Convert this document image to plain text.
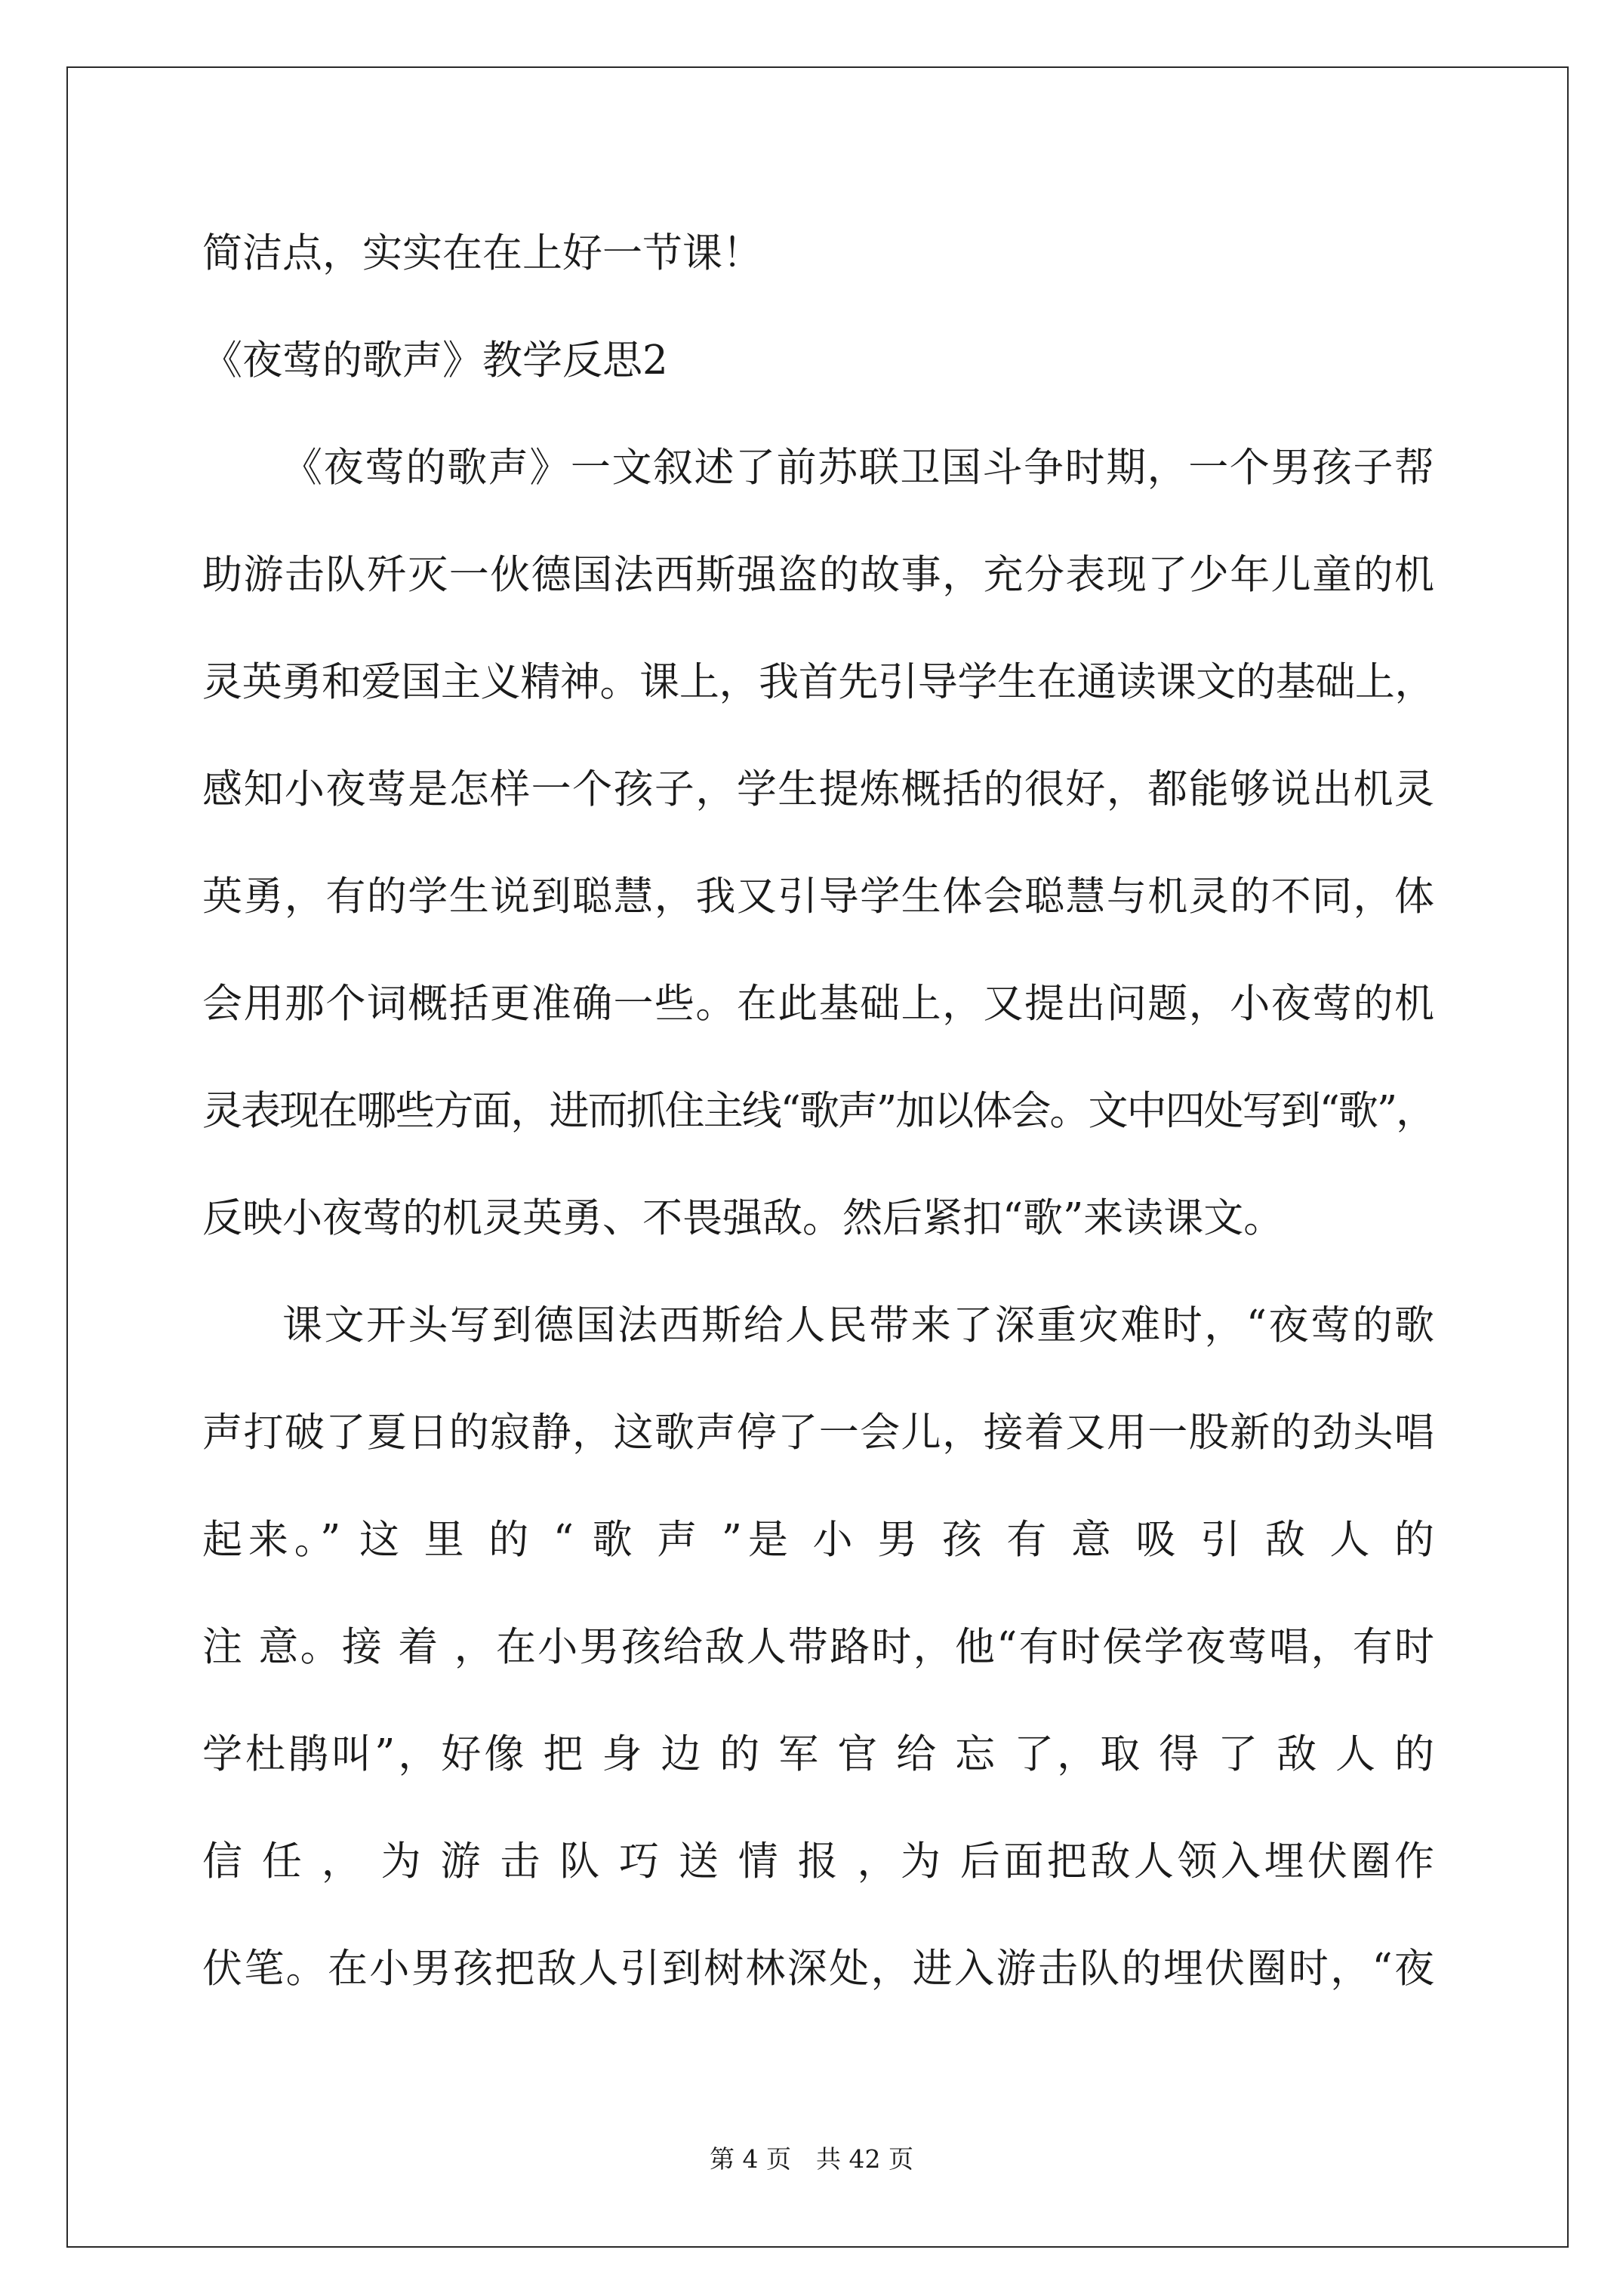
简洁点，实实在在上好一节课！
《夜莺的歌声》教学反思2
《夜莺的歌声》一文叙述了前苏联卫国斗争时期，一个男孩子帮
助游击队歼灭一伙德国法西斯强盗的故事，充分表现了少年儿童的机
灵英勇和爱国主义精神。课上，我首先引导学生在通读课文的基础上，
感知小夜莺是怎样一个孩子，学生提炼概括的很好，都能够说出机灵
英勇，有的学生说到聪慧，我又引导学生体会聪慧与机灵的不同，体
会用那个词概括更准确一些。在此基础上，又提出问题，小夜莺的机
灵表现在哪些方面，进而抓住主线“歌声”加以体会。文中四处写到“歌”，
反映小夜莺的机灵英勇、不畏强敌。然后紧扣“歌”来读课文。
课文开头写到德国法西斯给人民带来了深重灾难时，“夜莺的歌
声打破了夏日的寂静，这歌声停了一会儿，接着又用一股新的劲头唱
起来。” 这 里 的 “ 歌 声 ”是 小 男 孩 有 意 吸 引 敌 人 的
注 意。接 着 ，在小男孩给敌人带路时，他“有时侯学夜莺唱，有时
学杜鹃叫”，好像 把 身 边 的 军 官 给 忘 了，取 得 了 敌 人 的
信 任 ， 为 游 击 队 巧 送 情 报 ，为 后面把敌人领入埋伏圈作
伏笔。在小男孩把敌人引到树林深处，进入游击队的埋伏圈时，“夜
第 4 页　共 42 页
